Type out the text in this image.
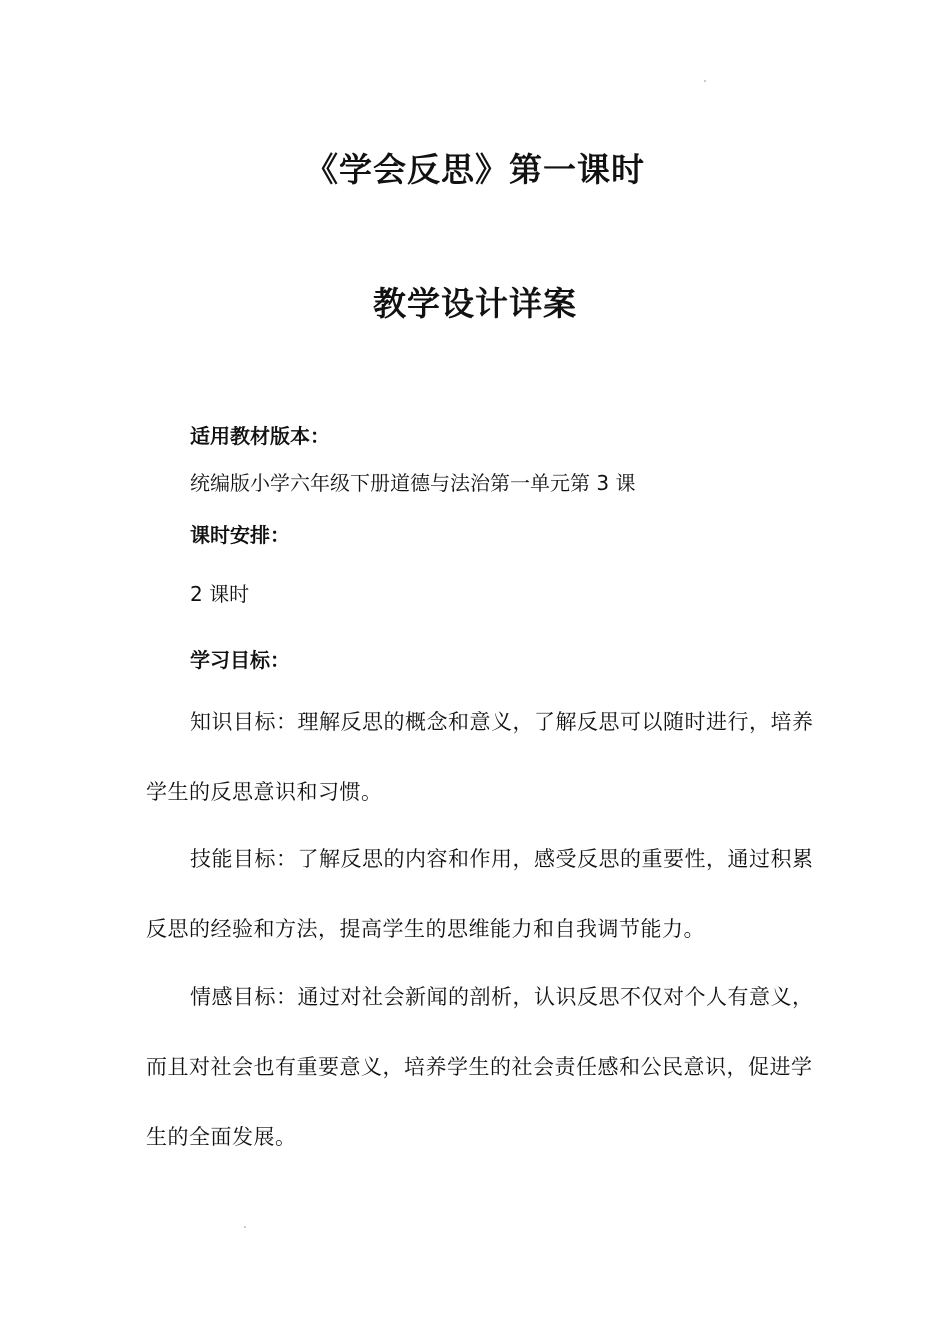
《学会反思》第一课时
教学设计详案

适用教材版本：

统编版小学六年级下册道德与法治第一单元第 3 课

课时安排：

2 课时

学习目标：

知识目标：理解反思的概念和意义，了解反思可以随时进行，培养学生的反思意识和习惯。

技能目标：了解反思的内容和作用，感受反思的重要性，通过积累反思的经验和方法，提高学生的思维能力和自我调节能力。

情感目标：通过对社会新闻的剖析，认识反思不仅对个人有意义，而且对社会也有重要意义，培养学生的社会责任感和公民意识，促进学生的全面发展。
